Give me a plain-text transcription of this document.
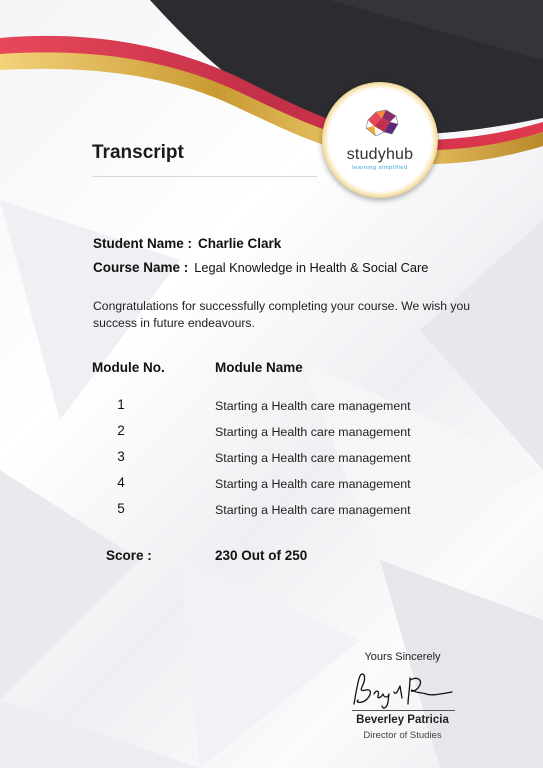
studyhub
learning simplified
Transcript
Student Name : Charlie Clark
Course Name : Legal Knowledge in Health & Social Care
Congratulations for successfully completing your course. We wish you success in future endeavours.
Module No.	Module Name
1	Starting a Health care management
2	Starting a Health care management
3	Starting a Health care management
4	Starting a Health care management
5	Starting a Health care management
Score :	230 Out of 250
Yours Sincerely
Beverley Patricia
Director of Studies
